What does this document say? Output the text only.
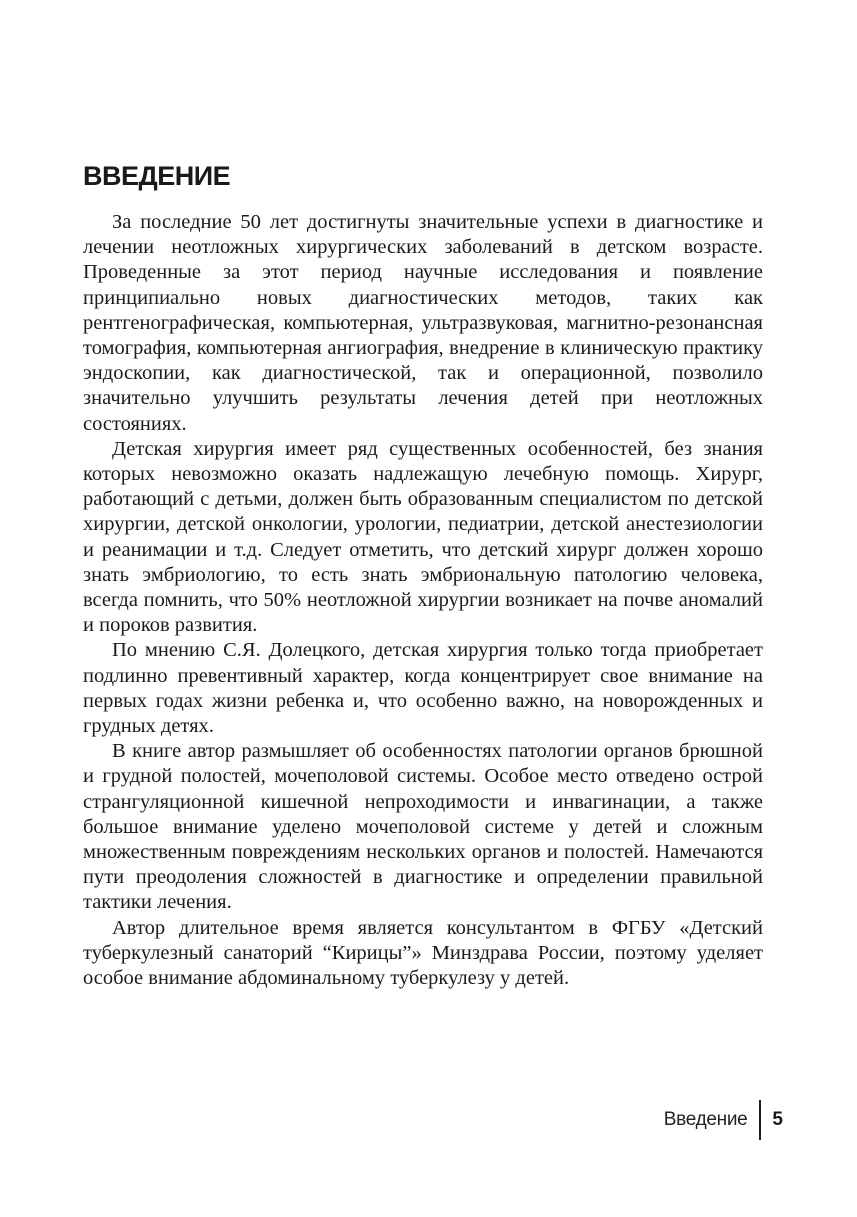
ВВЕДЕНИЕ

За последние 50 лет достигнуты значительные успехи в диагностике и лечении неотложных хирургических заболеваний в детском возрасте. Проведенные за этот период научные исследования и появление принципиально новых диагностических методов, таких как рентгенографическая, компьютерная, ультразвуковая, магнитно-резонансная томография, компьютерная ангиография, внедрение в клиническую практику эндоскопии, как диагностической, так и операционной, позволило значительно улучшить результаты лечения детей при неотложных состояниях.

Детская хирургия имеет ряд существенных особенностей, без знания которых невозможно оказать надлежащую лечебную помощь. Хирург, работающий с детьми, должен быть образованным специалистом по детской хирургии, детской онкологии, урологии, педиатрии, детской анестезиологии и реанимации и т.д. Следует отметить, что детский хирург должен хорошо знать эмбриологию, то есть знать эмбриональную патологию человека, всегда помнить, что 50% неотложной хирургии возникает на почве аномалий и пороков развития.

По мнению С.Я. Долецкого, детская хирургия только тогда приобретает подлинно превентивный характер, когда концентрирует свое внимание на первых годах жизни ребенка и, что особенно важно, на новорожденных и грудных детях.

В книге автор размышляет об особенностях патологии органов брюшной и грудной полостей, мочеполовой системы. Особое место отведено острой странгуляционной кишечной непроходимости и инвагинации, а также большое внимание уделено мочеполовой системе у детей и сложным множественным повреждениям нескольких органов и полостей. Намечаются пути преодоления сложностей в диагностике и определении правильной тактики лечения.

Автор длительное время является консультантом в ФГБУ «Детский туберкулезный санаторий “Кирицы”» Минздрава России, поэтому уделяет особое внимание абдоминальному туберкулезу у детей.

Введение	5
